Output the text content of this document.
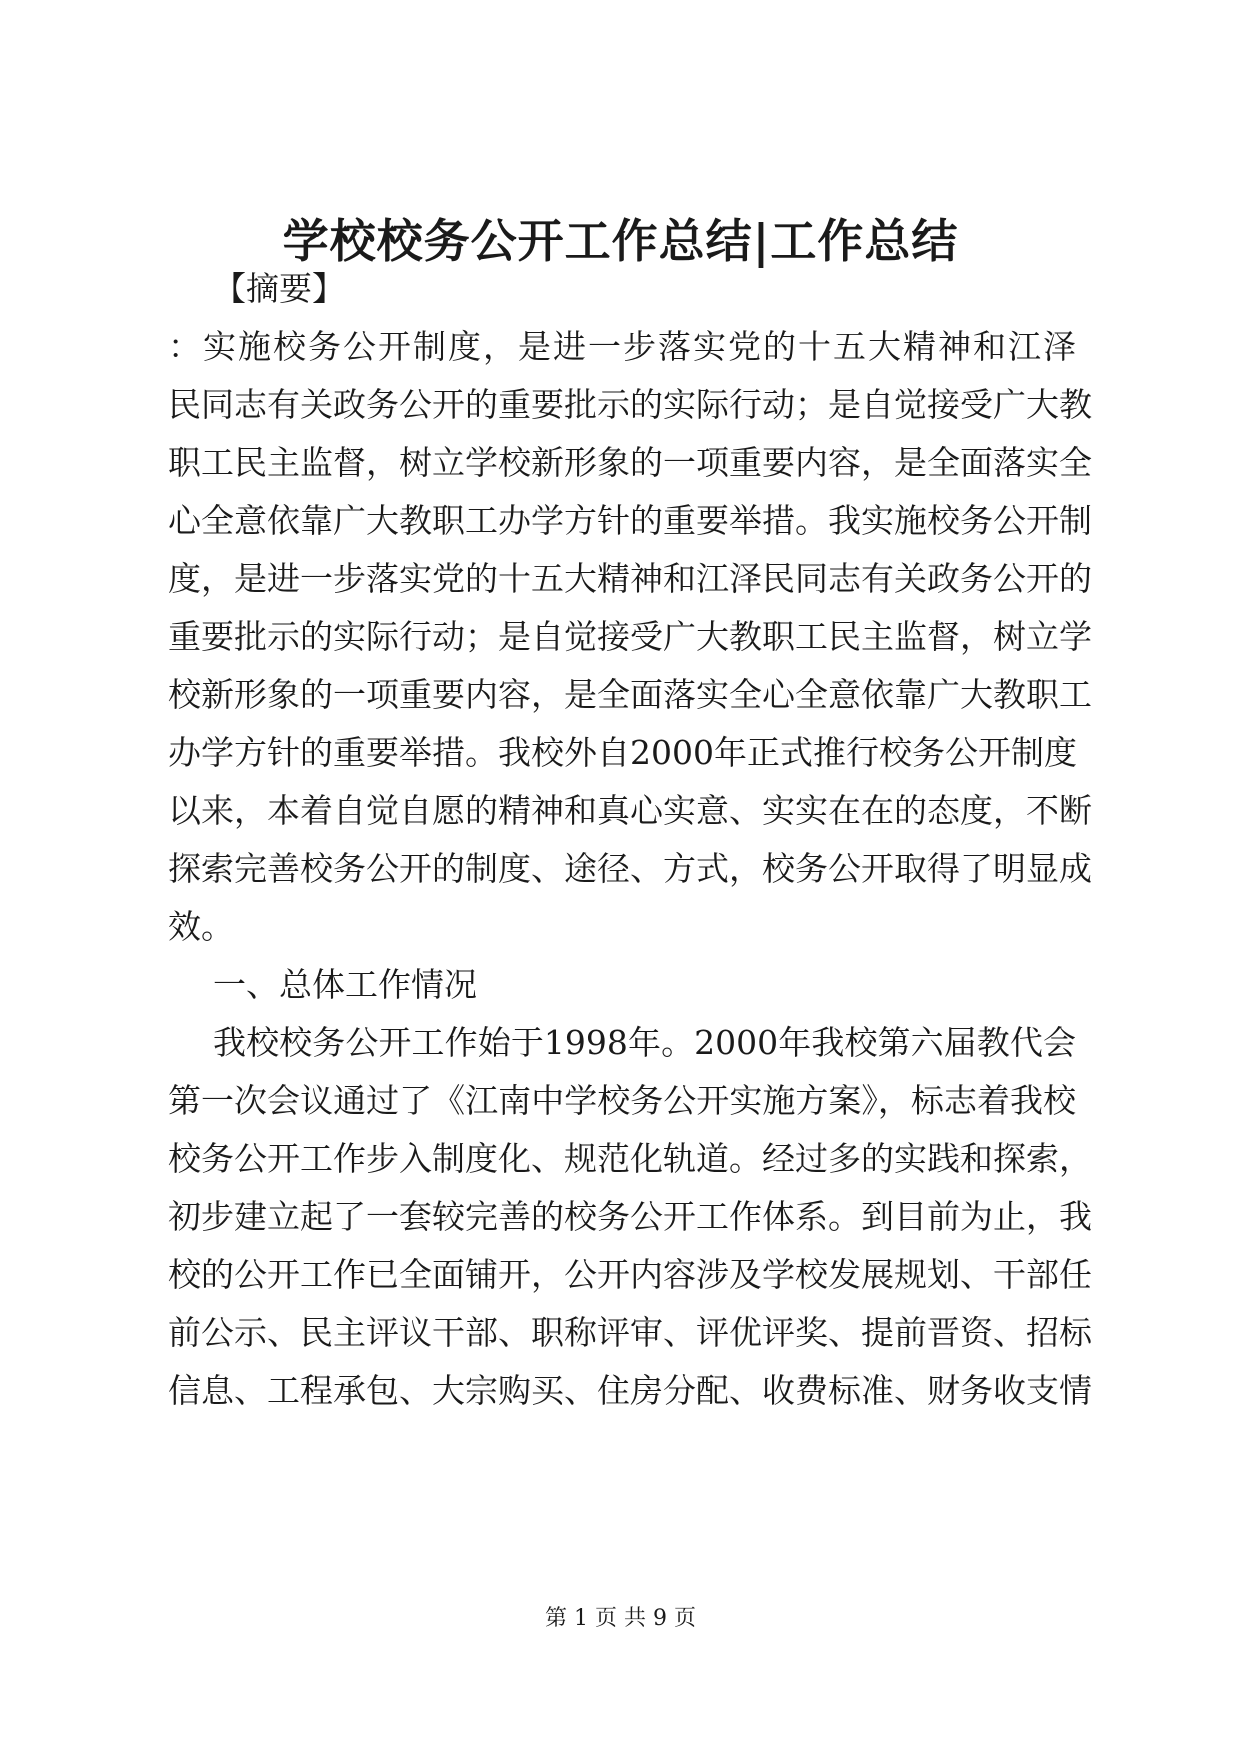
学校校务公开工作总结|工作总结
【摘要】
：实施校务公开制度，是进一步落实党的十五大精神和江泽
民同志有关政务公开的重要批示的实际行动；是自觉接受广大教
职工民主监督，树立学校新形象的一项重要内容，是全面落实全
心全意依靠广大教职工办学方针的重要举措。我实施校务公开制
度，是进一步落实党的十五大精神和江泽民同志有关政务公开的
重要批示的实际行动；是自觉接受广大教职工民主监督，树立学
校新形象的一项重要内容，是全面落实全心全意依靠广大教职工
办学方针的重要举措。我校外自2000年正式推行校务公开制度
以来，本着自觉自愿的精神和真心实意、实实在在的态度，不断
探索完善校务公开的制度、途径、方式，校务公开取得了明显成
效。
一、总体工作情况
我校校务公开工作始于1998年。2000年我校第六届教代会
第一次会议通过了《江南中学校务公开实施方案》，标志着我校
校务公开工作步入制度化、规范化轨道。经过多的实践和探索，
初步建立起了一套较完善的校务公开工作体系。到目前为止，我
校的公开工作已全面铺开，公开内容涉及学校发展规划、干部任
前公示、民主评议干部、职称评审、评优评奖、提前晋资、招标
信息、工程承包、大宗购买、住房分配、收费标准、财务收支情
第 1 页 共 9 页
